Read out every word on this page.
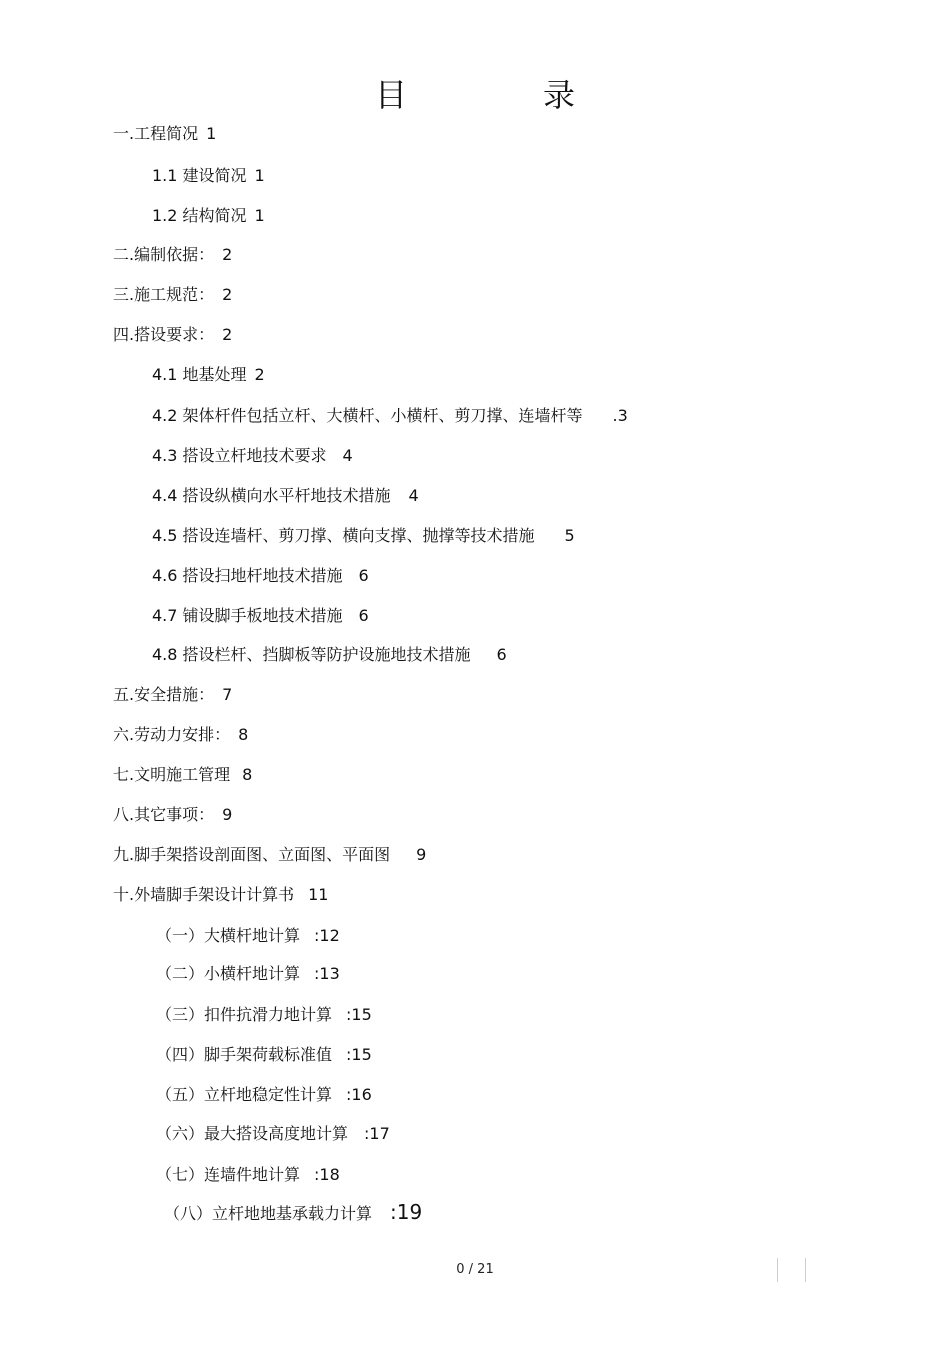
目　录
一.工程简况 1
1.1 建设简况 1
1.2 结构简况 1
二.编制依据： 2
三.施工规范： 2
四.搭设要求： 2
4.1 地基处理 2
4.2 架体杆件包括立杆、大横杆、小横杆、剪刀撑、连墙杆等 .3
4.3 搭设立杆地技术要求 4
4.4 搭设纵横向水平杆地技术措施 4
4.5 搭设连墙杆、剪刀撑、横向支撑、抛撑等技术措施 5
4.6 搭设扫地杆地技术措施 6
4.7 铺设脚手板地技术措施 6
4.8 搭设栏杆、挡脚板等防护设施地技术措施 6
五.安全措施： 7
六.劳动力安排： 8
七.文明施工管理 8
八.其它事项： 9
九.脚手架搭设剖面图、立面图、平面图 9
十.外墙脚手架设计计算书 11
（一）大横杆地计算 :12
（二）小横杆地计算 :13
（三）扣件抗滑力地计算 :15
（四）脚手架荷载标准值 :15
（五）立杆地稳定性计算 :16
（六）最大搭设高度地计算 :17
（七）连墙件地计算 :18
（八）立杆地地基承载力计算 :19
0 / 21
